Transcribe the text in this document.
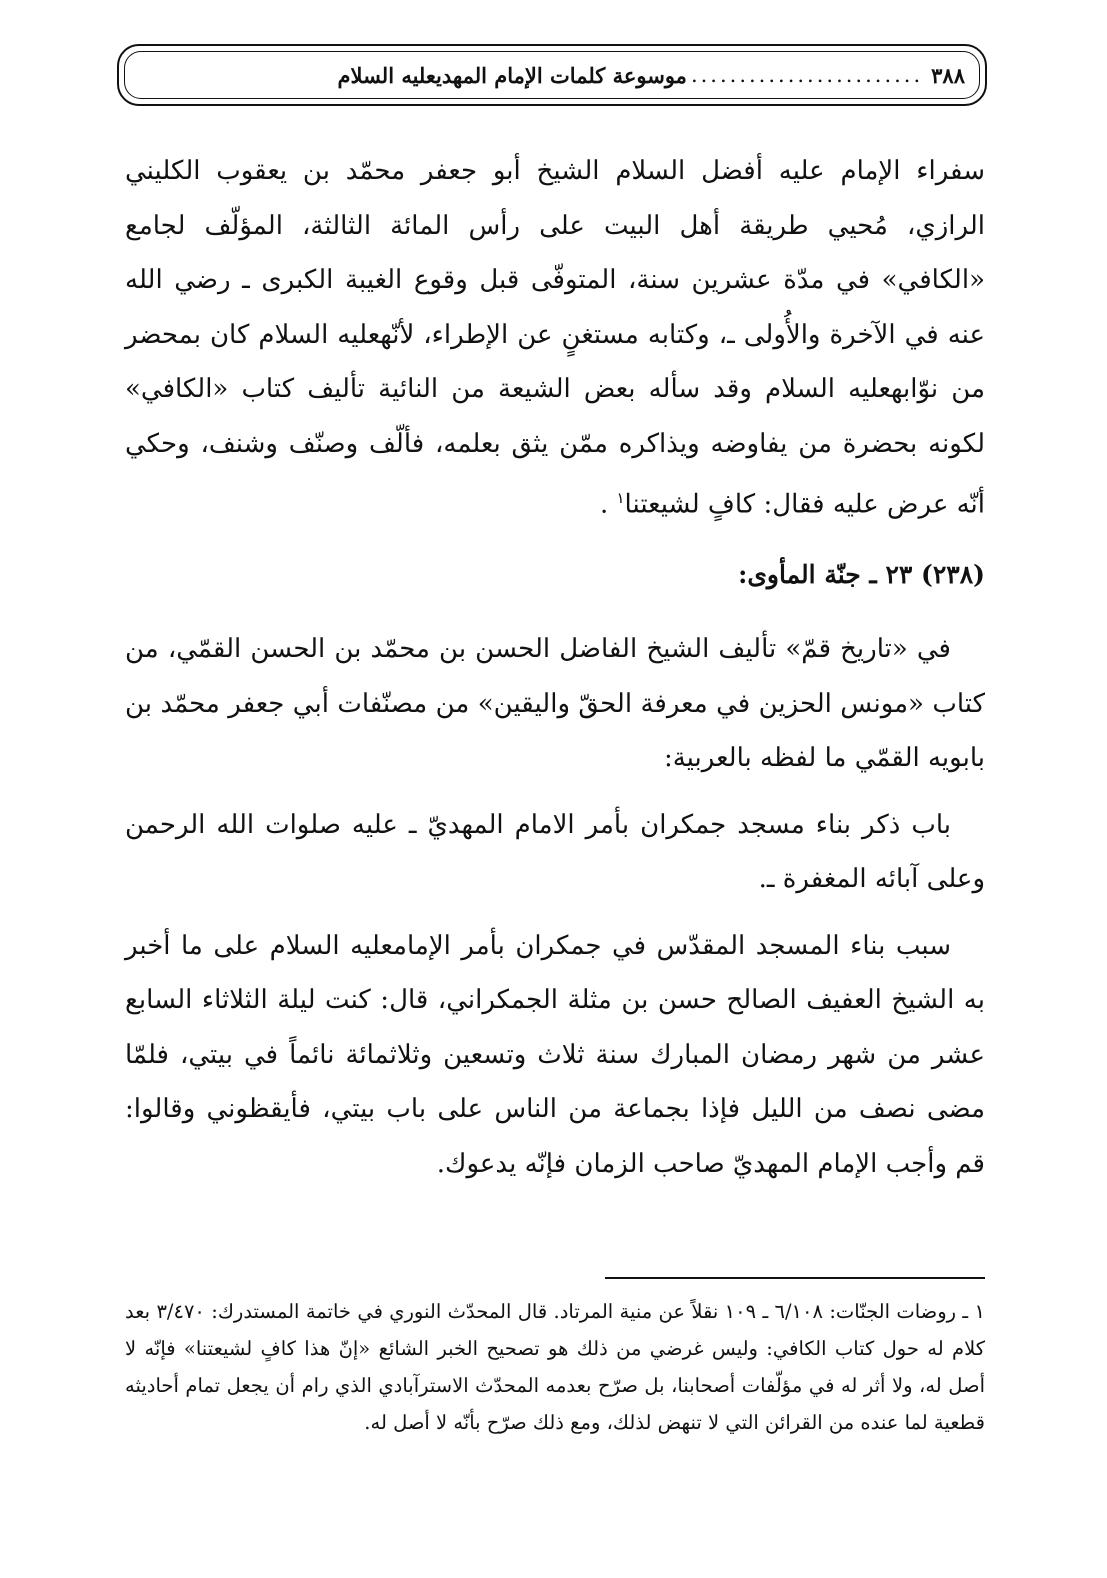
٣٨٨
........................
موسوعة كلمات الإمام المهديعليه السلام

سفراء الإمام عليه أفضل السلام الشيخ أبو جعفر محمّد بن يعقوب الكليني الرازي، مُحيي طريقة أهل البيت على رأس المائة الثالثة، المؤلّف لجامع «الكافي» في مدّة عشرين سنة، المتوفّى قبل وقوع الغيبة الكبرى ـ رضي الله عنه في الآخرة والأُولى ـ، وكتابه مستغنٍ عن الإطراء، لأنّهعليه السلام كان بمحضر من نوّابهعليه السلام وقد سأله بعض الشيعة من النائية تأليف كتاب «الكافي» لكونه بحضرة من يفاوضه ويذاكره ممّن يثق بعلمه، فألّف وصنّف وشنف، وحكي أنّه عرض عليه فقال: كافٍ لشيعتنا$^١$ .

(٢٣٨) ٢٣ ـ جنّة المأوى:

في «تاريخ قمّ» تأليف الشيخ الفاضل الحسن بن محمّد بن الحسن القمّي، من كتاب «مونس الحزين في معرفة الحقّ واليقين» من مصنّفات أبي جعفر محمّد بن بابويه القمّي ما لفظه بالعربية:

باب ذكر بناء مسجد جمكران بأمر الامام المهديّ ـ عليه صلوات الله الرحمن وعلى آبائه المغفرة ـ.

سبب بناء المسجد المقدّس في جمكران بأمر الإمامعليه السلام على ما أخبر به الشيخ العفيف الصالح حسن بن مثلة الجمكراني، قال: كنت ليلة الثلاثاء السابع عشر من شهر رمضان المبارك سنة ثلاث وتسعين وثلاثمائة نائماً في بيتي، فلمّا مضى نصف من الليل فإذا بجماعة من الناس على باب بيتي، فأيقظوني وقالوا: قم وأجب الإمام المهديّ صاحب الزمان فإنّه يدعوك.

١ ـ روضات الجنّات: ٦/١٠٨ ـ ١٠٩ نقلاً عن منية المرتاد. قال المحدّث النوري في خاتمة المستدرك: ٣/٤٧٠ بعد كلام له حول كتاب الكافي: وليس غرضي من ذلك هو تصحيح الخبر الشائع «إنّ هذا كافٍ لشيعتنا» فإنّه لا أصل له، ولا أثر له في مؤلّفات أصحابنا، بل صرّح بعدمه المحدّث الاسترآبادي الذي رام أن يجعل تمام أحاديثه قطعية لما عنده من القرائن التي لا تنهض لذلك، ومع ذلك صرّح بأنّه لا أصل له.
